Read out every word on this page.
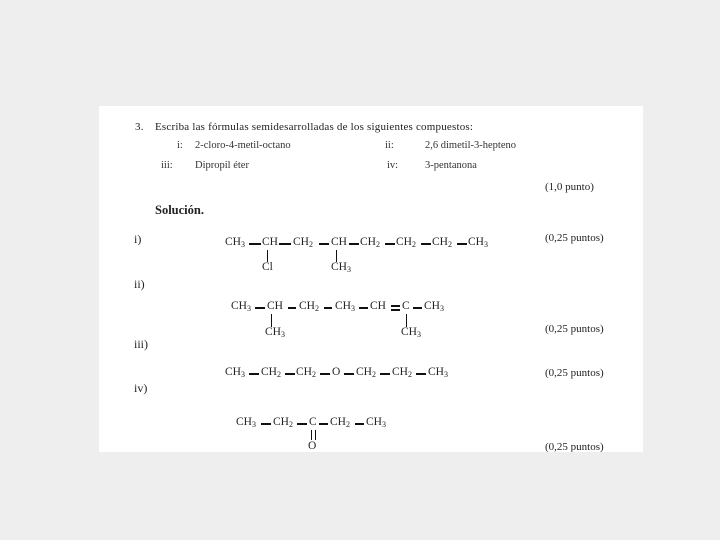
3. Escriba las fórmulas semidesarrolladas de los siguientes compuestos:
i: 2-cloro-4-metil-octano	ii:	2,6 dimetil-3-hepteno
iii: Dipropil éter	iv:	3-pentanona
(1,0 punto)
Solución.
i)	(0,25 puntos)
$CH_3$ CH $CH_2$ CH $CH_2$ $CH_2$ $CH_2$ $CH_3$
Cl	$CH_3$
ii)
(0,25 puntos)
$CH_3$ CH $CH_2$ $CH_3$ CH C $CH_3$
$CH_3$	$CH_3$
iii)
(0,25 puntos)
$CH_3$ $CH_2$ $CH_2$ O $CH_2$ $CH_2$ $CH_3$
iv)
(0,25 puntos)
$CH_3$ $CH_2$ C $CH_2$ $CH_3$
O
